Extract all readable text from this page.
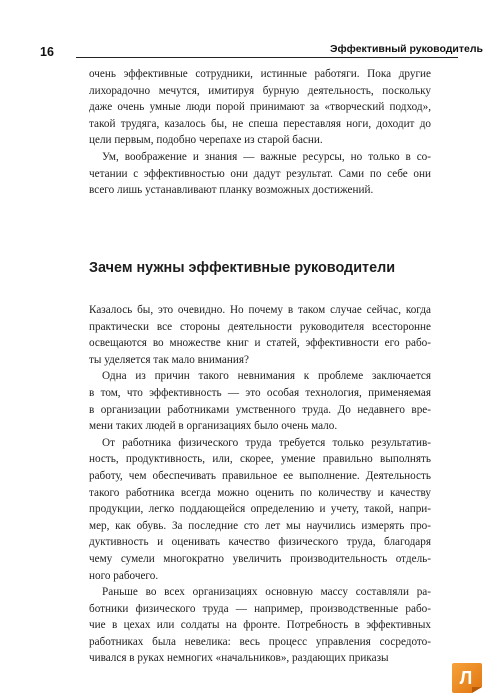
16	Эффективный руководитель

очень эффективные сотрудники, истинные работяги. Пока другие
лихорадочно мечутся, имитируя бурную деятельность, поскольку
даже очень умные люди порой принимают за «творческий подход»,
такой трудяга, казалось бы, не спеша переставляя ноги, доходит до
цели первым, подобно черепахе из старой басни.

Ум, воображение и знания — важные ресурсы, но только в со-
четании с эффективностью они дадут результат. Сами по себе они
всего лишь устанавливают планку возможных достижений.

Зачем нужны эффективные руководители

Казалось бы, это очевидно. Но почему в таком случае сейчас, когда
практически все стороны деятельности руководителя всесторонне
освещаются во множестве книг и статей, эффективности его рабо-
ты уделяется так мало внимания?

Одна из причин такого невнимания к проблеме заключается
в том, что эффективность — это особая технология, применяемая
в организации работниками умственного труда. До недавнего вре-
мени таких людей в организациях было очень мало.

От работника физического труда требуется только результатив-
ность, продуктивность, или, скорее, умение правильно выполнять
работу, чем обеспечивать правильное ее выполнение. Деятельность
такого работника всегда можно оценить по количеству и качеству
продукции, легко поддающейся определению и учету, такой, напри-
мер, как обувь. За последние сто лет мы научились измерять про-
дуктивность и оценивать качество физического труда, благодаря
чему сумели многократно увеличить производительность отдель-
ного рабочего.

Раньше во всех организациях основную массу составляли ра-
ботники физического труда — например, производственные рабо-
чие в цехах или солдаты на фронте. Потребность в эффективных
работниках была невелика: весь процесс управления сосредото-
чивался в руках немногих «начальников», раздающих приказы

Л
